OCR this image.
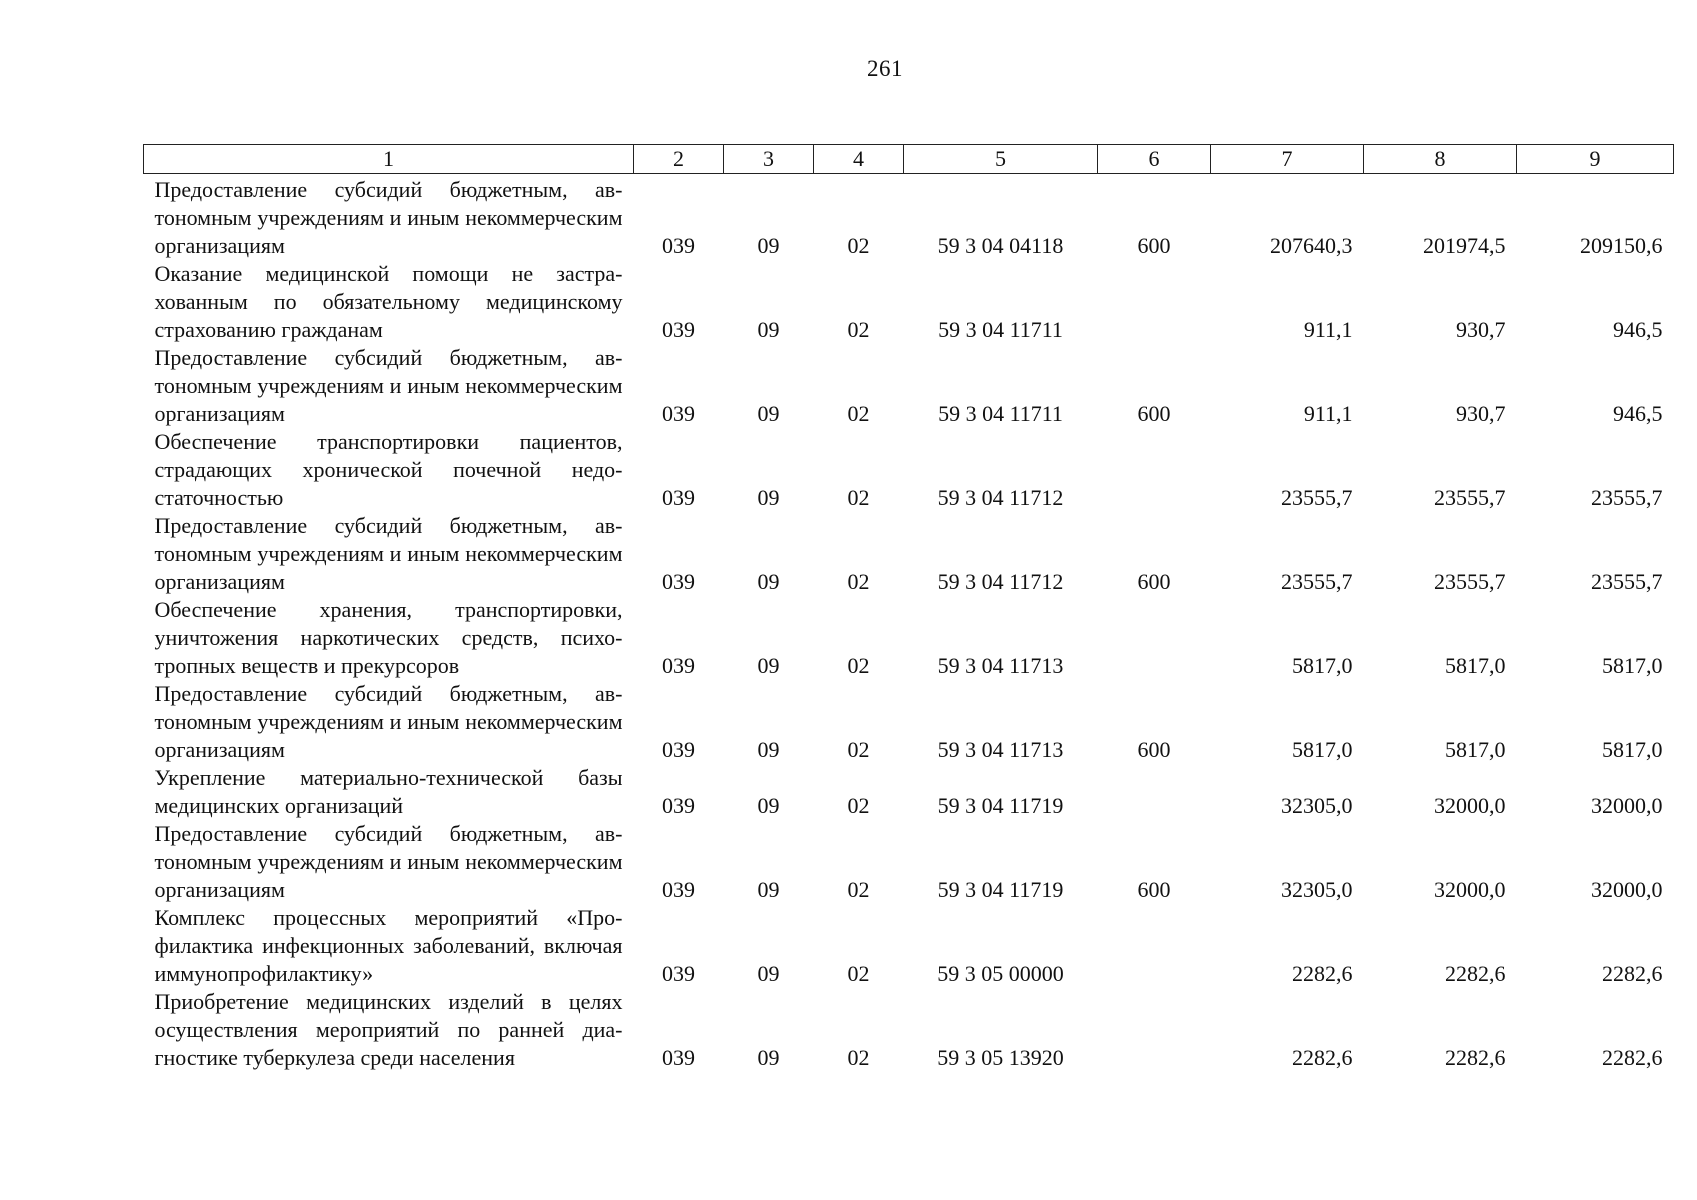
261
1	2	3	4	5	6	7	8	9
Предоставление субсидий бюджетным, автономным учреждениям и иным некоммерческим организациям	039	09	02	59 3 04 04118	600	207640,3	201974,5	209150,6
Оказание медицинской помощи не застрахованным по обязательному медицинскому страхованию гражданам	039	09	02	59 3 04 11711		911,1	930,7	946,5
Предоставление субсидий бюджетным, автономным учреждениям и иным некоммерческим организациям	039	09	02	59 3 04 11711	600	911,1	930,7	946,5
Обеспечение транспортировки пациентов, страдающих хронической почечной недостаточностью	039	09	02	59 3 04 11712		23555,7	23555,7	23555,7
Предоставление субсидий бюджетным, автономным учреждениям и иным некоммерческим организациям	039	09	02	59 3 04 11712	600	23555,7	23555,7	23555,7
Обеспечение хранения, транспортировки, уничтожения наркотических средств, психотропных веществ и прекурсоров	039	09	02	59 3 04 11713		5817,0	5817,0	5817,0
Предоставление субсидий бюджетным, автономным учреждениям и иным некоммерческим организациям	039	09	02	59 3 04 11713	600	5817,0	5817,0	5817,0
Укрепление материально-технической базы медицинских организаций	039	09	02	59 3 04 11719		32305,0	32000,0	32000,0
Предоставление субсидий бюджетным, автономным учреждениям и иным некоммерческим организациям	039	09	02	59 3 04 11719	600	32305,0	32000,0	32000,0
Комплекс процессных мероприятий «Профилактика инфекционных заболеваний, включая иммунопрофилактику»	039	09	02	59 3 05 00000		2282,6	2282,6	2282,6
Приобретение медицинских изделий в целях осуществления мероприятий по ранней диагностике туберкулеза среди населения	039	09	02	59 3 05 13920		2282,6	2282,6	2282,6
